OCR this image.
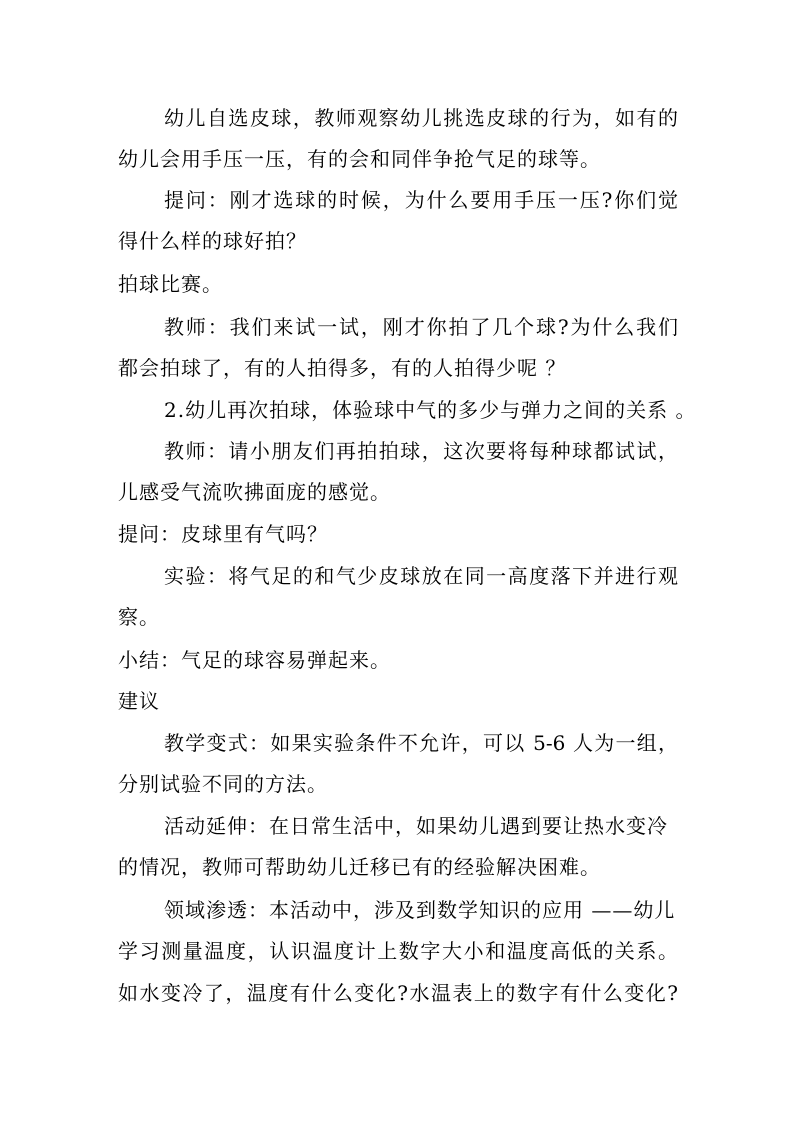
幼儿自选皮球，教师观察幼儿挑选皮球的行为，如有的
幼儿会用手压一压，有的会和同伴争抢气足的球等。
提问：刚才选球的时候，为什么要用手压一压?你们觉
得什么样的球好拍？
拍球比赛。
教师：我们来试一试，刚才你拍了几个球?为什么我们
都会拍球了，有的人拍得多，有的人拍得少呢 ？
2.幼儿再次拍球，体验球中气的多少与弹力之间的关系 。
教师：请小朋友们再拍拍球，这次要将每种球都试试，
儿感受气流吹拂面庞的感觉。
提问：皮球里有气吗？
实验：将气足的和气少皮球放在同一高度落下并进行观
察。
小结：气足的球容易弹起来。
建议
教学变式：如果实验条件不允许，可以 5-6 人为一组，
分别试验不同的方法。
活动延伸：在日常生活中，如果幼儿遇到要让热水变冷
的情况，教师可帮助幼儿迁移已有的经验解决困难。
领域渗透：本活动中，涉及到数学知识的应用 ——幼儿
学习测量温度，认识温度计上数字大小和温度高低的关系。
如水变冷了，温度有什么变化?水温表上的数字有什么变化?
